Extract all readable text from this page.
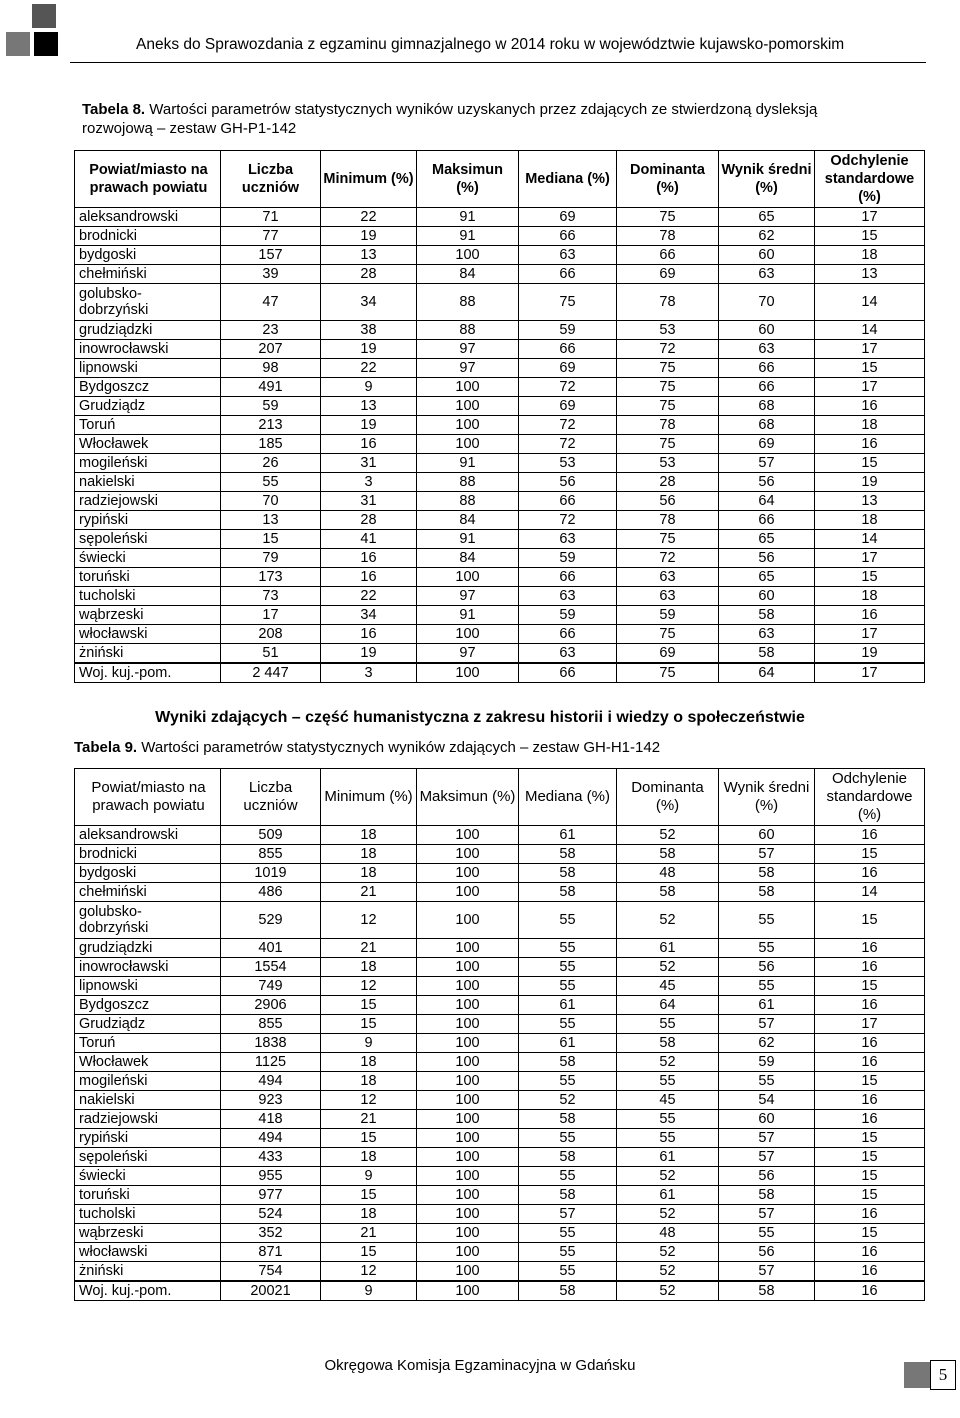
Aneks do Sprawozdania z egzaminu gimnazjalnego w 2014 roku w województwie kujawsko-pomorskim
Tabela 8. Wartości parametrów statystycznych wyników uzyskanych przez zdających ze stwierdzoną dysleksją rozwojową – zestaw GH-P1-142
Powiat/miasto na prawach powiatu	Liczba uczniów	Minimum (%)	Maksimun (%)	Mediana (%)	Dominanta (%)	Wynik średni (%)	Odchylenie standardowe (%)
aleksandrowski	71	22	91	69	75	65	17
brodnicki	77	19	91	66	78	62	15
bydgoski	157	13	100	63	66	60	18
chełmiński	39	28	84	66	69	63	13
golubsko-
dobrzyński	47	34	88	75	78	70	14
grudziądzki	23	38	88	59	53	60	14
inowrocławski	207	19	97	66	72	63	17
lipnowski	98	22	97	69	75	66	15
Bydgoszcz	491	9	100	72	75	66	17
Grudziądz	59	13	100	69	75	68	16
Toruń	213	19	100	72	78	68	18
Włocławek	185	16	100	72	75	69	16
mogileński	26	31	91	53	53	57	15
nakielski	55	3	88	56	28	56	19
radziejowski	70	31	88	66	56	64	13
rypiński	13	28	84	72	78	66	18
sępoleński	15	41	91	63	75	65	14
świecki	79	16	84	59	72	56	17
toruński	173	16	100	66	63	65	15
tucholski	73	22	97	63	63	60	18
wąbrzeski	17	34	91	59	59	58	16
włocławski	208	16	100	66	75	63	17
żniński	51	19	97	63	69	58	19
Woj. kuj.-pom.	2 447	3	100	66	75	64	17
Wyniki zdających – część humanistyczna z zakresu historii i wiedzy o społeczeństwie
Tabela 9. Wartości parametrów statystycznych wyników zdających – zestaw GH-H1-142
Powiat/miasto na prawach powiatu	Liczba uczniów	Minimum (%)	Maksimun (%)	Mediana (%)	Dominanta (%)	Wynik średni (%)	Odchylenie standardowe (%)
aleksandrowski	509	18	100	61	52	60	16
brodnicki	855	18	100	58	58	57	15
bydgoski	1019	18	100	58	48	58	16
chełmiński	486	21	100	58	58	58	14
golubsko-
dobrzyński	529	12	100	55	52	55	15
grudziądzki	401	21	100	55	61	55	16
inowrocławski	1554	18	100	55	52	56	16
lipnowski	749	12	100	55	45	55	15
Bydgoszcz	2906	15	100	61	64	61	16
Grudziądz	855	15	100	55	55	57	17
Toruń	1838	9	100	61	58	62	16
Włocławek	1125	18	100	58	52	59	16
mogileński	494	18	100	55	55	55	15
nakielski	923	12	100	52	45	54	16
radziejowski	418	21	100	58	55	60	16
rypiński	494	15	100	55	55	57	15
sępoleński	433	18	100	58	61	57	15
świecki	955	9	100	55	52	56	15
toruński	977	15	100	58	61	58	15
tucholski	524	18	100	57	52	57	16
wąbrzeski	352	21	100	55	48	55	15
włocławski	871	15	100	55	52	56	16
żniński	754	12	100	55	52	57	16
Woj. kuj.-pom.	20021	9	100	58	52	58	16
Okręgowa Komisja Egzaminacyjna w Gdańsku	5
